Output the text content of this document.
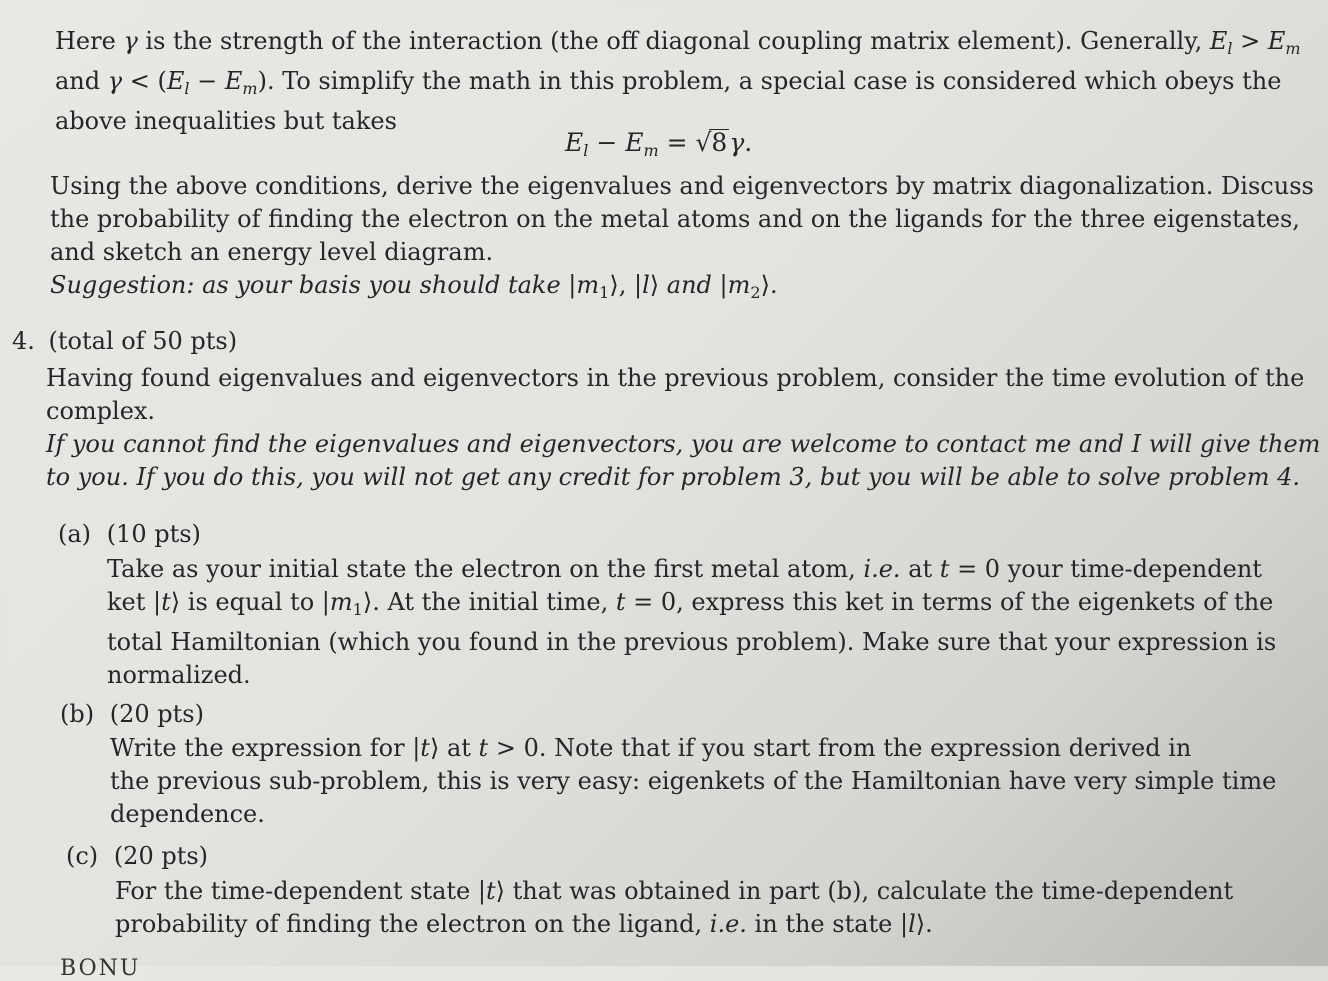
Here γ is the strength of the interaction (the off diagonal coupling matrix element). Generally, $E_l > E_m$
and $\gamma < (E_l - E_m)$. To simplify the math in this problem, a special case is considered which obeys the
above inequalities but takes
$E_l - E_m = √8\gamma$.
Using the above conditions, derive the eigenvalues and eigenvectors by matrix diagonalization. Discuss
the probability of finding the electron on the metal atoms and on the ligands for the three eigenstates,
and sketch an energy level diagram.
Suggestion: as your basis you should take $|m_1⟩$, |l⟩ and $|m_2⟩$.
4. (total of 50 pts)
Having found eigenvalues and eigenvectors in the previous problem, consider the time evolution of the
complex.
If you cannot find the eigenvalues and eigenvectors, you are welcome to contact me and I will give them
to you. If you do this, you will not get any credit for problem 3, but you will be able to solve problem 4.
(a) (10 pts)
Take as your initial state the electron on the first metal atom, i.e. at t = 0 your time-dependent
ket |t⟩ is equal to $|m_1⟩$. At the initial time, t = 0, express this ket in terms of the eigenkets of the
total Hamiltonian (which you found in the previous problem). Make sure that your expression is
normalized.
(b) (20 pts)
Write the expression for |t⟩ at t > 0. Note that if you start from the expression derived in
the previous sub-problem, this is very easy: eigenkets of the Hamiltonian have very simple time
dependence.
(c) (20 pts)
For the time-dependent state |t⟩ that was obtained in part (b), calculate the time-dependent
probability of finding the electron on the ligand, i.e. in the state |l⟩.
BONU
